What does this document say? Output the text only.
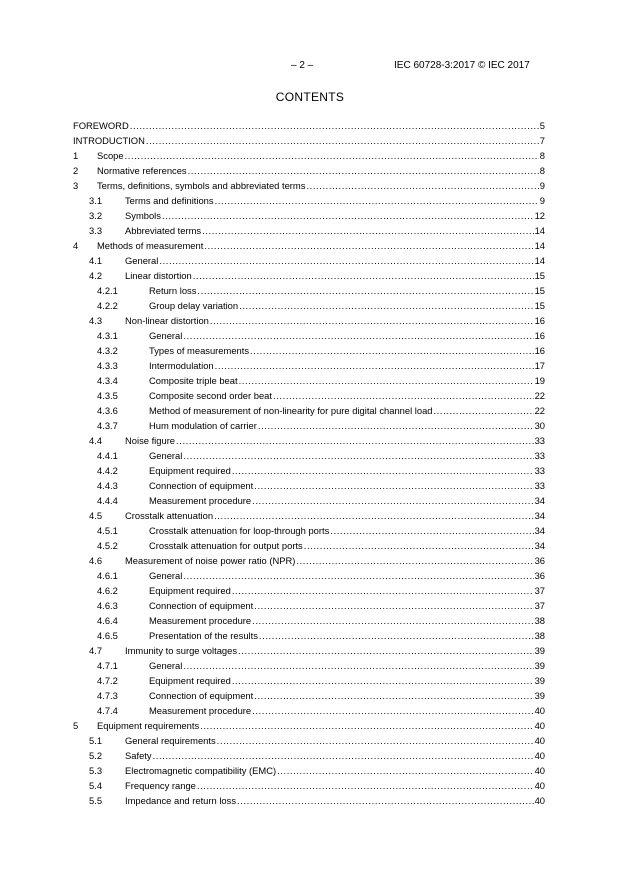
– 2 –	IEC 60728-3:2017 © IEC 2017
CONTENTS
FOREWORD .....	5
INTRODUCTION .....	7
1	Scope .....	8
2	Normative references .....	8
3	Terms, definitions, symbols and abbreviated terms .....	9
3.1	Terms and definitions .....	9
3.2	Symbols .....	12
3.3	Abbreviated terms .....	14
4	Methods of measurement .....	14
4.1	General .....	14
4.2	Linear distortion .....	15
4.2.1	Return loss .....	15
4.2.2	Group delay variation .....	15
4.3	Non-linear distortion .....	16
4.3.1	General .....	16
4.3.2	Types of measurements .....	16
4.3.3	Intermodulation .....	17
4.3.4	Composite triple beat .....	19
4.3.5	Composite second order beat .....	22
4.3.6	Method of measurement of non-linearity for pure digital channel load .....	22
4.3.7	Hum modulation of carrier .....	30
4.4	Noise figure .....	33
4.4.1	General .....	33
4.4.2	Equipment required .....	33
4.4.3	Connection of equipment .....	33
4.4.4	Measurement procedure .....	34
4.5	Crosstalk attenuation .....	34
4.5.1	Crosstalk attenuation for loop-through ports .....	34
4.5.2	Crosstalk attenuation for output ports .....	34
4.6	Measurement of noise power ratio (NPR) .....	36
4.6.1	General .....	36
4.6.2	Equipment required .....	37
4.6.3	Connection of equipment .....	37
4.6.4	Measurement procedure .....	38
4.6.5	Presentation of the results .....	38
4.7	Immunity to surge voltages .....	39
4.7.1	General .....	39
4.7.2	Equipment required .....	39
4.7.3	Connection of equipment .....	39
4.7.4	Measurement procedure .....	40
5	Equipment requirements .....	40
5.1	General requirements .....	40
5.2	Safety .....	40
5.3	Electromagnetic compatibility (EMC) .....	40
5.4	Frequency range .....	40
5.5	Impedance and return loss .....	40
